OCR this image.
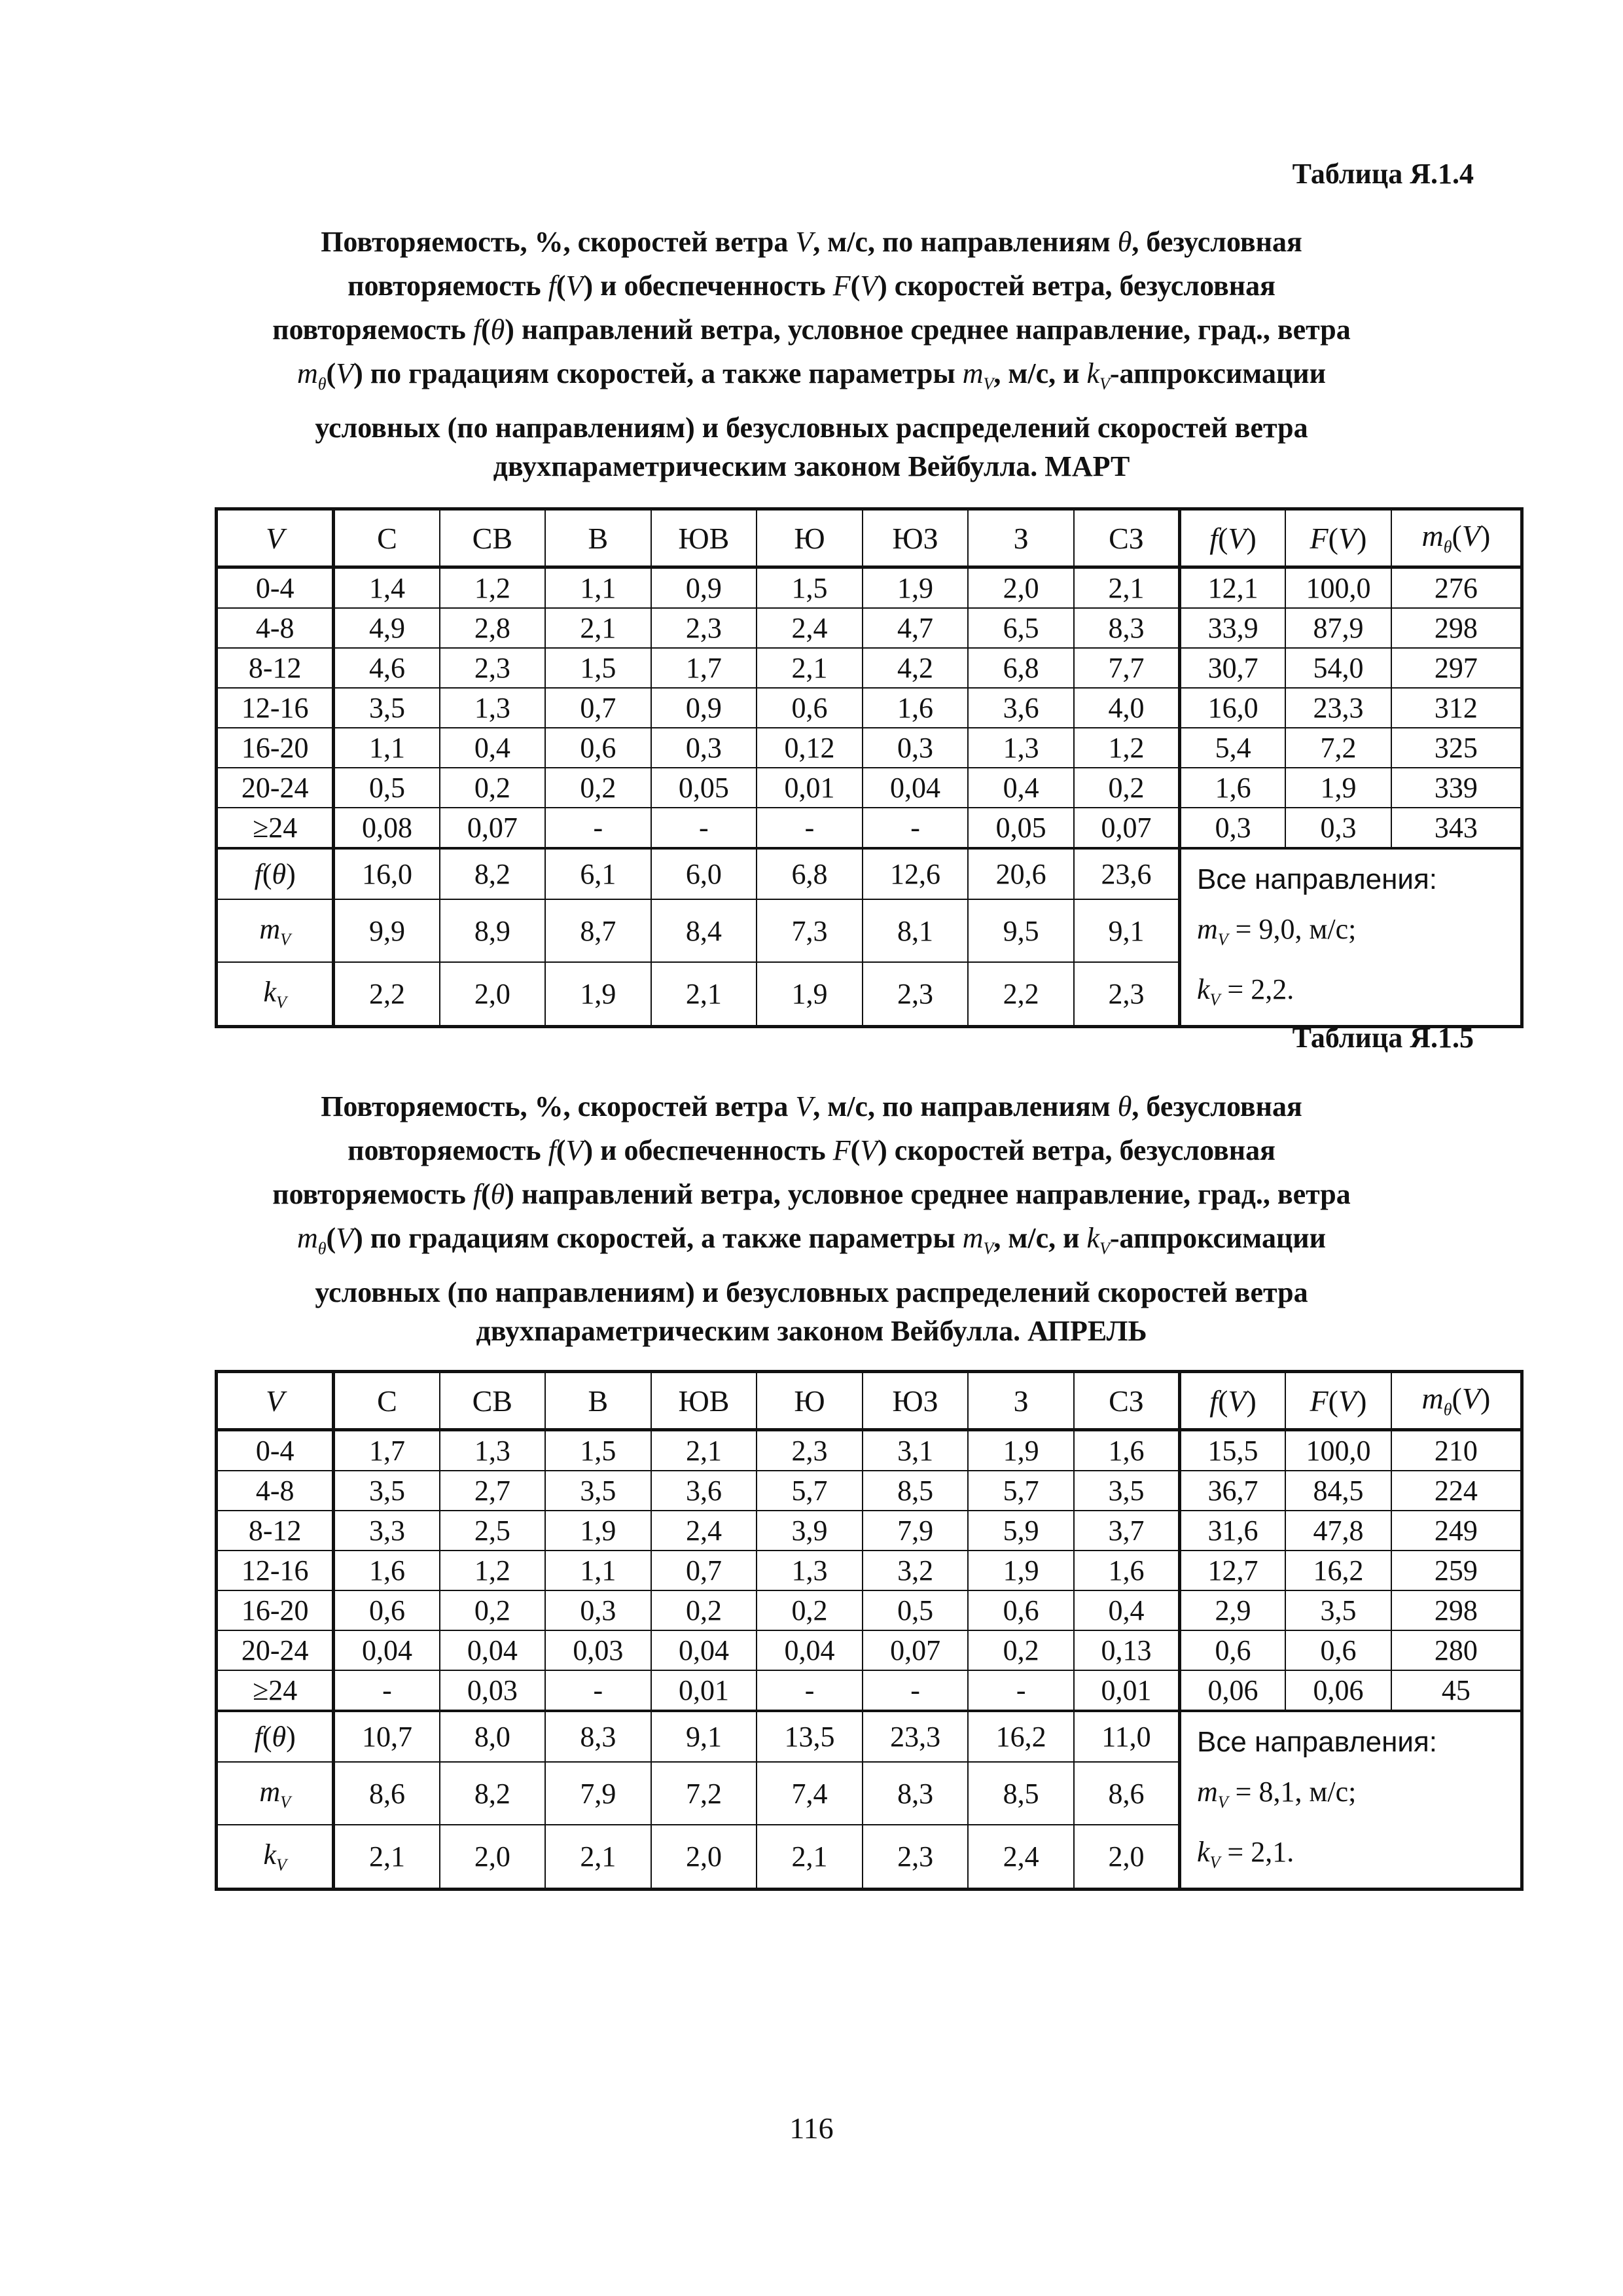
Таблица Я.1.4
Повторяемость, %, скоростей ветра V, м/с, по направлениям θ, безусловная
повторяемость f(V) и обеспеченность F(V) скоростей ветра, безусловная
повторяемость f(θ) направлений ветра, условное среднее направление, град., ветра
$m_\theta(V)$ по градациям скоростей, а также параметры $m_V$, м/с, и $k_V$-аппроксимации
условных (по направлениям) и безусловных распределений скоростей ветра
двухпараметрическим законом Вейбулла. МАРТ
V	С	СВ	В	ЮВ	Ю	ЮЗ	З	СЗ	f(V)	F(V)	$m_\theta(V)$
0-4	1,4	1,2	1,1	0,9	1,5	1,9	2,0	2,1	12,1	100,0	276
4-8	4,9	2,8	2,1	2,3	2,4	4,7	6,5	8,3	33,9	87,9	298
8-12	4,6	2,3	1,5	1,7	2,1	4,2	6,8	7,7	30,7	54,0	297
12-16	3,5	1,3	0,7	0,9	0,6	1,6	3,6	4,0	16,0	23,3	312
16-20	1,1	0,4	0,6	0,3	0,12	0,3	1,3	1,2	5,4	7,2	325
20-24	0,5	0,2	0,2	0,05	0,01	0,04	0,4	0,2	1,6	1,9	339
≥24	0,08	0,07	-	-	-	-	0,05	0,07	0,3	0,3	343
f(θ)	16,0	8,2	6,1	6,0	6,8	12,6	20,6	23,6	Все направления:
$m_V = 9,0$, м/с;
$k_V = 2,2$.		

$m_V$	9,9	8,9	8,7	8,4	7,3	8,1	9,5	9,1			
$k_V$	2,2	2,0	1,9	2,1	1,9	2,3	2,2	2,3			
Таблица Я.1.5
Повторяемость, %, скоростей ветра V, м/с, по направлениям θ, безусловная
повторяемость f(V) и обеспеченность F(V) скоростей ветра, безусловная
повторяемость f(θ) направлений ветра, условное среднее направление, град., ветра
$m_\theta(V)$ по градациям скоростей, а также параметры $m_V$, м/с, и $k_V$-аппроксимации
условных (по направлениям) и безусловных распределений скоростей ветра
двухпараметрическим законом Вейбулла. АПРЕЛЬ
V	С	СВ	В	ЮВ	Ю	ЮЗ	З	СЗ	f(V)	F(V)	$m_\theta(V)$
0-4	1,7	1,3	1,5	2,1	2,3	3,1	1,9	1,6	15,5	100,0	210
4-8	3,5	2,7	3,5	3,6	5,7	8,5	5,7	3,5	36,7	84,5	224
8-12	3,3	2,5	1,9	2,4	3,9	7,9	5,9	3,7	31,6	47,8	249
12-16	1,6	1,2	1,1	0,7	1,3	3,2	1,9	1,6	12,7	16,2	259
16-20	0,6	0,2	0,3	0,2	0,2	0,5	0,6	0,4	2,9	3,5	298
20-24	0,04	0,04	0,03	0,04	0,04	0,07	0,2	0,13	0,6	0,6	280
≥24	-	0,03	-	0,01	-	-	-	0,01	0,06	0,06	45
f(θ)	10,7	8,0	8,3	9,1	13,5	23,3	16,2	11,0	Все направления:
$m_V = 8,1$, м/с;
$k_V = 2,1$.		

$m_V$	8,6	8,2	7,9	7,2	7,4	8,3	8,5	8,6			
$k_V$	2,1	2,0	2,1	2,0	2,1	2,3	2,4	2,0			
116
